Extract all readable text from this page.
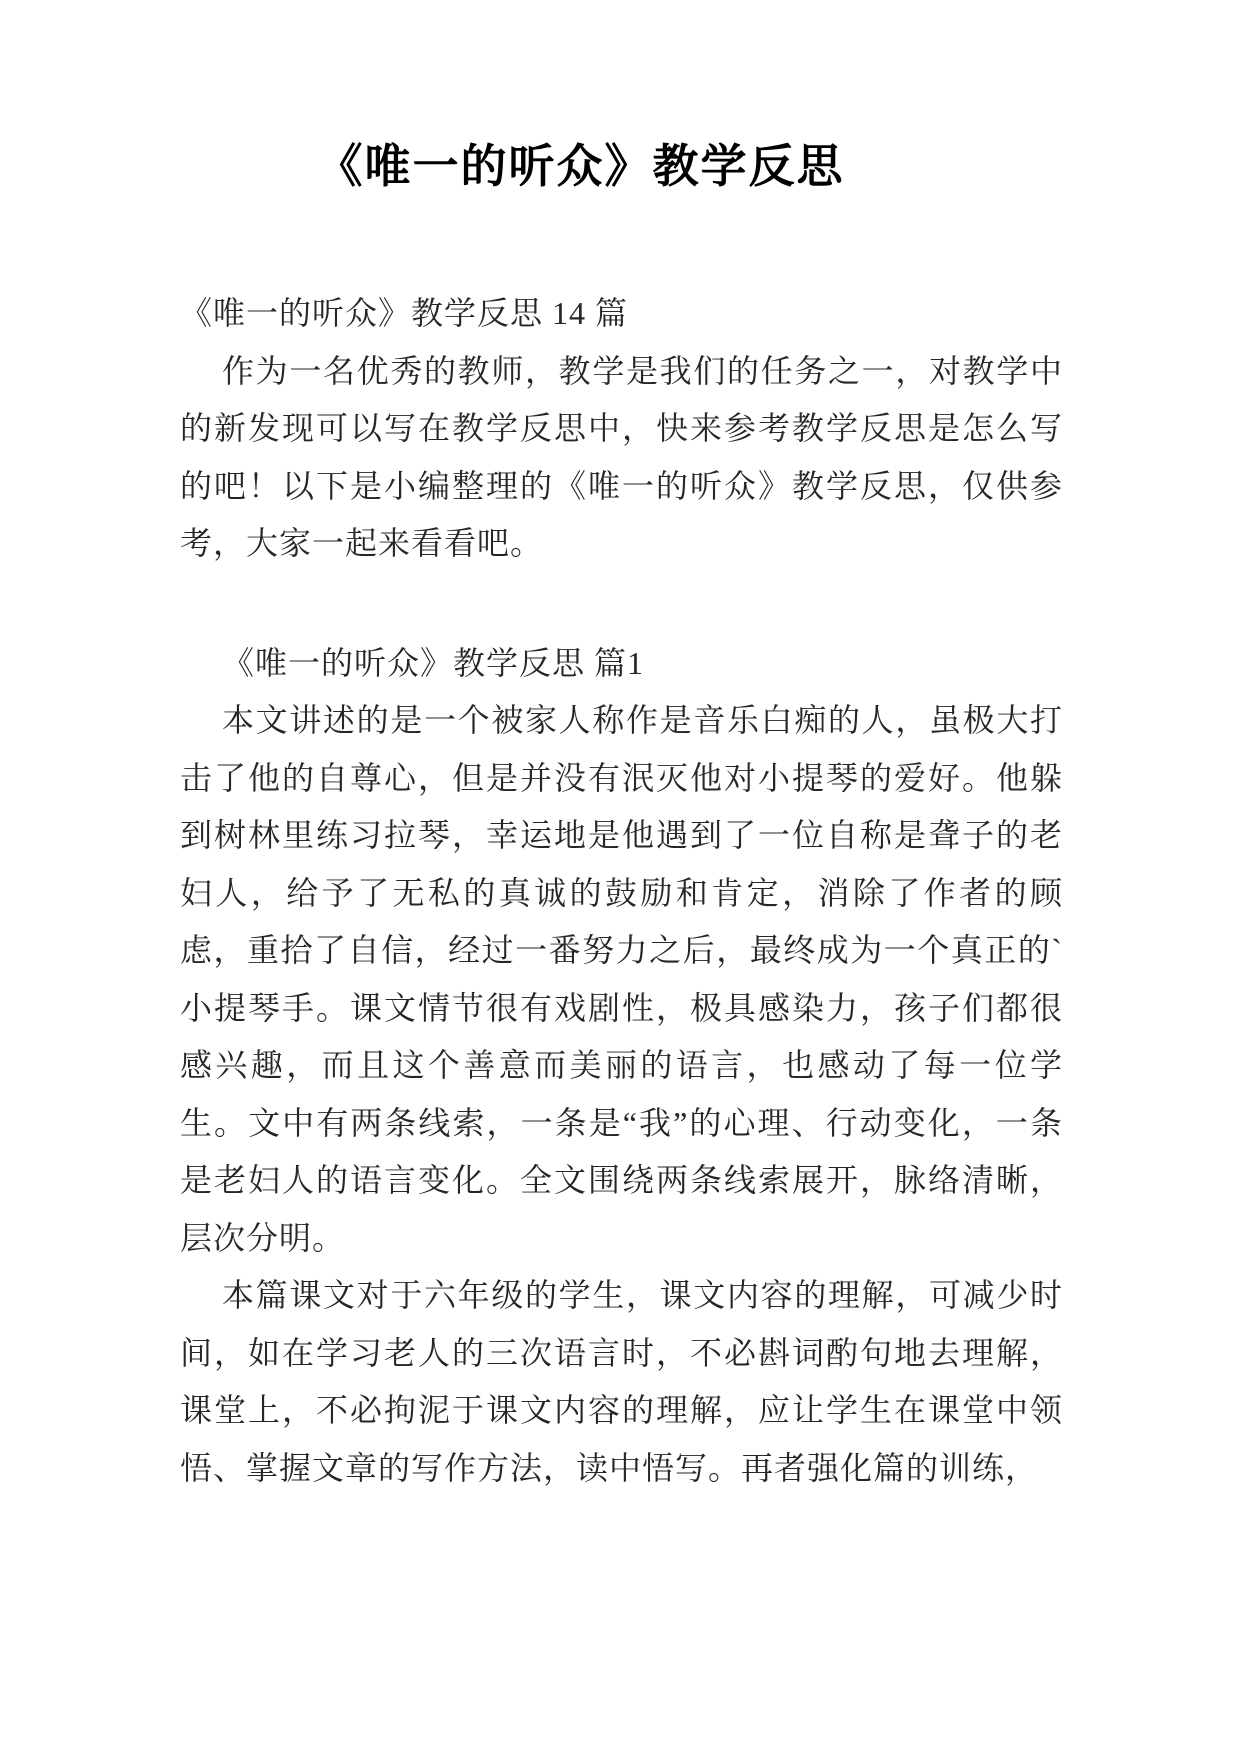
《唯一的听众》教学反思

《唯一的听众》教学反思 14 篇

作为一名优秀的教师，教学是我们的任务之一，对教学中的新发现可以写在教学反思中，快来参考教学反思是怎么写的吧！以下是小编整理的《唯一的听众》教学反思，仅供参考，大家一起来看看吧。

《唯一的听众》教学反思 篇1

本文讲述的是一个被家人称作是音乐白痴的人，虽极大打击了他的自尊心，但是并没有泯灭他对小提琴的爱好。他躲到树林里练习拉琴，幸运地是他遇到了一位自称是聋子的老妇人，给予了无私的真诚的鼓励和肯定，消除了作者的顾虑，重拾了自信，经过一番努力之后，最终成为一个真正的`小提琴手。课文情节很有戏剧性，极具感染力，孩子们都很感兴趣，而且这个善意而美丽的语言，也感动了每一位学生。文中有两条线索，一条是“我”的心理、行动变化，一条是老妇人的语言变化。全文围绕两条线索展开，脉络清晰，层次分明。

本篇课文对于六年级的学生，课文内容的理解，可减少时间，如在学习老人的三次语言时，不必斟词酌句地去理解，课堂上，不必拘泥于课文内容的理解，应让学生在课堂中领悟、掌握文章的写作方法，读中悟写。再者强化篇的训练，
